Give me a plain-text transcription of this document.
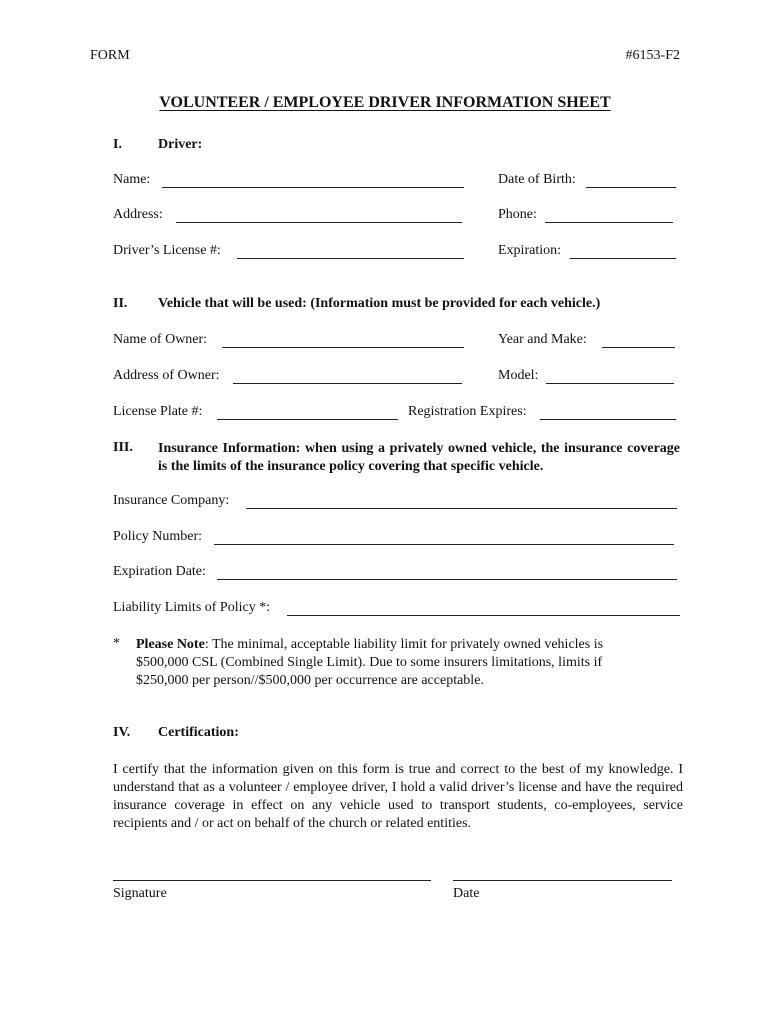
FORM	#6153-F2
VOLUNTEER / EMPLOYEE DRIVER INFORMATION SHEET
I.	Driver:
Name:	Date of Birth:
Address:	Phone:
Driver’s License #:	Expiration:
II. Vehicle that will be used: (Information must be provided for each vehicle.)
Name of Owner:	Year and Make:
Address of Owner:	Model:
License Plate #:	Registration Expires:
III. Insurance Information: when using a privately owned vehicle, the insurance coverage is the limits of the insurance policy covering that specific vehicle.
Insurance Company:
Policy Number:
Expiration Date:
Liability Limits of Policy *:
* Please Note: The minimal, acceptable liability limit for privately owned vehicles is $500,000 CSL (Combined Single Limit). Due to some insurers limitations, limits if $250,000 per person//$500,000 per occurrence are acceptable.
IV. Certification:
I certify that the information given on this form is true and correct to the best of my knowledge. I understand that as a volunteer / employee driver, I hold a valid driver’s license and have the required insurance coverage in effect on any vehicle used to transport students, co-employees, service recipients and / or act on behalf of the church or related entities.
Signature	Date
